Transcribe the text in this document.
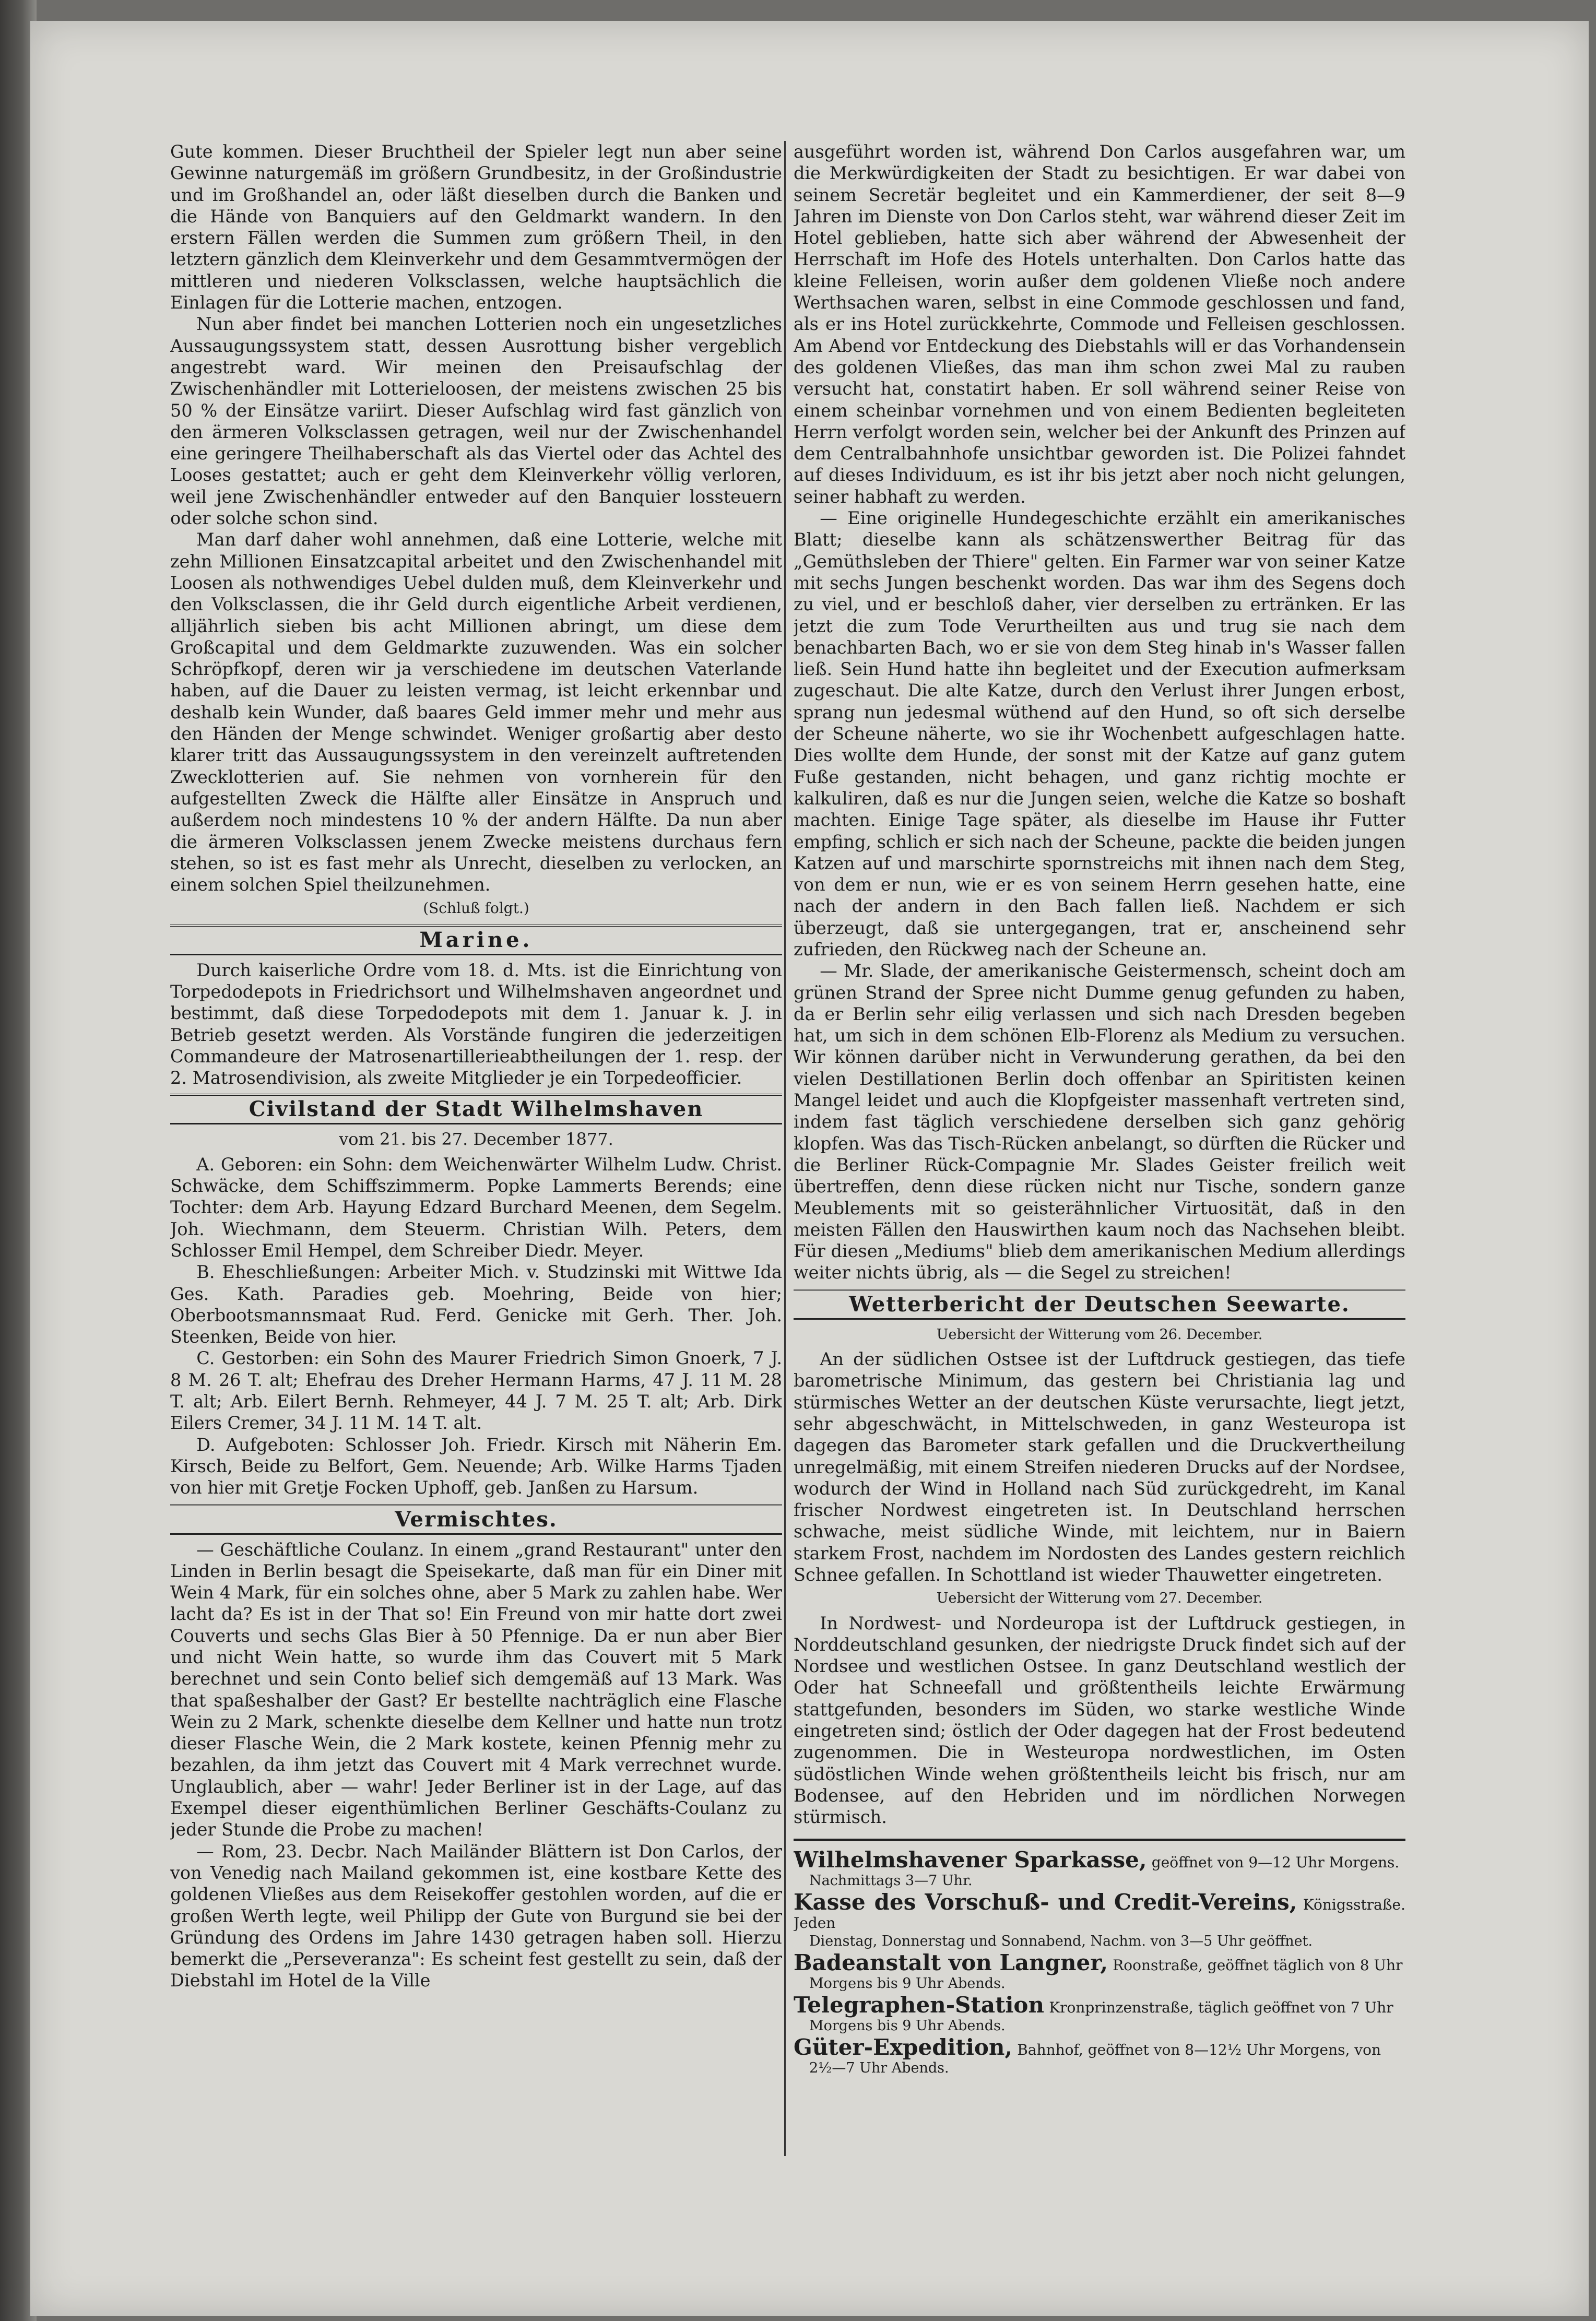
Gute kommen. Dieser Bruchtheil der Spieler legt nun aber seine Gewinne naturgemäß im größern Grundbesitz, in der Großindustrie und im Großhandel an, oder läßt dieselben durch die Banken und die Hände von Banquiers auf den Geldmarkt wandern. In den erstern Fällen werden die Summen zum größern Theil, in den letztern gänzlich dem Kleinverkehr und dem Gesammtvermögen der mittleren und niederen Volksclassen, welche hauptsächlich die Einlagen für die Lotterie machen, entzogen.

Nun aber findet bei manchen Lotterien noch ein ungesetzliches Aussaugungssystem statt, dessen Ausrottung bisher vergeblich angestrebt ward. Wir meinen den Preisaufschlag der Zwischenhändler mit Lotterieloosen, der meistens zwischen 25 bis 50 % der Einsätze variirt. Dieser Aufschlag wird fast gänzlich von den ärmeren Volksclassen getragen, weil nur der Zwischenhandel eine geringere Theilhaberschaft als das Viertel oder das Achtel des Looses gestattet; auch er geht dem Kleinverkehr völlig verloren, weil jene Zwischenhändler entweder auf den Banquier lossteuern oder solche schon sind.

Man darf daher wohl annehmen, daß eine Lotterie, welche mit zehn Millionen Einsatzcapital arbeitet und den Zwischenhandel mit Loosen als nothwendiges Uebel dulden muß, dem Kleinverkehr und den Volksclassen, die ihr Geld durch eigentliche Arbeit verdienen, alljährlich sieben bis acht Millionen abringt, um diese dem Großcapital und dem Geldmarkte zuzuwenden. Was ein solcher Schröpfkopf, deren wir ja verschiedene im deutschen Vaterlande haben, auf die Dauer zu leisten vermag, ist leicht erkennbar und deshalb kein Wunder, daß baares Geld immer mehr und mehr aus den Händen der Menge schwindet. Weniger großartig aber desto klarer tritt das Aussaugungssystem in den vereinzelt auftretenden Zwecklotterien auf. Sie nehmen von vornherein für den aufgestellten Zweck die Hälfte aller Einsätze in Anspruch und außerdem noch mindestens 10 % der andern Hälfte. Da nun aber die ärmeren Volksclassen jenem Zwecke meistens durchaus fern stehen, so ist es fast mehr als Unrecht, dieselben zu verlocken, an einem solchen Spiel theilzunehmen.

(Schluß folgt.)
Marine.

Durch kaiserliche Ordre vom 18. d. Mts. ist die Einrichtung von Torpedodepots in Friedrichsort und Wilhelmshaven angeordnet und bestimmt, daß diese Torpedodepots mit dem 1. Januar k. J. in Betrieb gesetzt werden. Als Vorstände fungiren die jederzeitigen Commandeure der Matrosenartillerieabtheilungen der 1. resp. der 2. Matrosendivision, als zweite Mitglieder je ein Torpedeofficier.

Civilstand der Stadt Wilhelmshaven
vom 21. bis 27. December 1877.

A. Geboren: ein Sohn: dem Weichenwärter Wilhelm Ludw. Christ. Schwäcke, dem Schiffszimmerm. Popke Lammerts Berends; eine Tochter: dem Arb. Hayung Edzard Burchard Meenen, dem Segelm. Joh. Wiechmann, dem Steuerm. Christian Wilh. Peters, dem Schlosser Emil Hempel, dem Schreiber Diedr. Meyer.

B. Eheschließungen: Arbeiter Mich. v. Studzinski mit Wittwe Ida Ges. Kath. Paradies geb. Moehring, Beide von hier; Oberbootsmannsmaat Rud. Ferd. Genicke mit Gerh. Ther. Joh. Steenken, Beide von hier.

C. Gestorben: ein Sohn des Maurer Friedrich Simon Gnoerk, 7 J. 8 M. 26 T. alt; Ehefrau des Dreher Hermann Harms, 47 J. 11 M. 28 T. alt; Arb. Eilert Bernh. Rehmeyer, 44 J. 7 M. 25 T. alt; Arb. Dirk Eilers Cremer, 34 J. 11 M. 14 T. alt.

D. Aufgeboten: Schlosser Joh. Friedr. Kirsch mit Näherin Em. Kirsch, Beide zu Belfort, Gem. Neuende; Arb. Wilke Harms Tjaden von hier mit Gretje Focken Uphoff, geb. Janßen zu Harsum.

Vermischtes.

— Geschäftliche Coulanz. In einem „grand Restaurant" unter den Linden in Berlin besagt die Speisekarte, daß man für ein Diner mit Wein 4 Mark, für ein solches ohne, aber 5 Mark zu zahlen habe. Wer lacht da? Es ist in der That so! Ein Freund von mir hatte dort zwei Couverts und sechs Glas Bier à 50 Pfennige. Da er nun aber Bier und nicht Wein hatte, so wurde ihm das Couvert mit 5 Mark berechnet und sein Conto belief sich demgemäß auf 13 Mark. Was that spaßeshalber der Gast? Er bestellte nachträglich eine Flasche Wein zu 2 Mark, schenkte dieselbe dem Kellner und hatte nun trotz dieser Flasche Wein, die 2 Mark kostete, keinen Pfennig mehr zu bezahlen, da ihm jetzt das Couvert mit 4 Mark verrechnet wurde. Unglaublich, aber — wahr! Jeder Berliner ist in der Lage, auf das Exempel dieser eigenthümlichen Berliner Geschäfts-Coulanz zu jeder Stunde die Probe zu machen!

— Rom, 23. Decbr. Nach Mailänder Blättern ist Don Carlos, der von Venedig nach Mailand gekommen ist, eine kostbare Kette des goldenen Vließes aus dem Reisekoffer gestohlen worden, auf die er großen Werth legte, weil Philipp der Gute von Burgund sie bei der Gründung des Ordens im Jahre 1430 getragen haben soll. Hierzu bemerkt die „Perseveranza": Es scheint fest gestellt zu sein, daß der Diebstahl im Hotel de la Ville

ausgeführt worden ist, während Don Carlos ausgefahren war, um die Merkwürdigkeiten der Stadt zu besichtigen. Er war dabei von seinem Secretär begleitet und ein Kammerdiener, der seit 8—9 Jahren im Dienste von Don Carlos steht, war während dieser Zeit im Hotel geblieben, hatte sich aber während der Abwesenheit der Herrschaft im Hofe des Hotels unterhalten. Don Carlos hatte das kleine Felleisen, worin außer dem goldenen Vließe noch andere Werthsachen waren, selbst in eine Commode geschlossen und fand, als er ins Hotel zurückkehrte, Commode und Felleisen geschlossen. Am Abend vor Entdeckung des Diebstahls will er das Vorhandensein des goldenen Vließes, das man ihm schon zwei Mal zu rauben versucht hat, constatirt haben. Er soll während seiner Reise von einem scheinbar vornehmen und von einem Bedienten begleiteten Herrn verfolgt worden sein, welcher bei der Ankunft des Prinzen auf dem Centralbahnhofe unsichtbar geworden ist. Die Polizei fahndet auf dieses Individuum, es ist ihr bis jetzt aber noch nicht gelungen, seiner habhaft zu werden.

— Eine originelle Hundegeschichte erzählt ein amerikanisches Blatt; dieselbe kann als schätzenswerther Beitrag für das „Gemüthsleben der Thiere" gelten. Ein Farmer war von seiner Katze mit sechs Jungen beschenkt worden. Das war ihm des Segens doch zu viel, und er beschloß daher, vier derselben zu ertränken. Er las jetzt die zum Tode Verurtheilten aus und trug sie nach dem benachbarten Bach, wo er sie von dem Steg hinab in's Wasser fallen ließ. Sein Hund hatte ihn begleitet und der Execution aufmerksam zugeschaut. Die alte Katze, durch den Verlust ihrer Jungen erbost, sprang nun jedesmal wüthend auf den Hund, so oft sich derselbe der Scheune näherte, wo sie ihr Wochenbett aufgeschlagen hatte. Dies wollte dem Hunde, der sonst mit der Katze auf ganz gutem Fuße gestanden, nicht behagen, und ganz richtig mochte er kalkuliren, daß es nur die Jungen seien, welche die Katze so boshaft machten. Einige Tage später, als dieselbe im Hause ihr Futter empfing, schlich er sich nach der Scheune, packte die beiden jungen Katzen auf und marschirte spornstreichs mit ihnen nach dem Steg, von dem er nun, wie er es von seinem Herrn gesehen hatte, eine nach der andern in den Bach fallen ließ. Nachdem er sich überzeugt, daß sie untergegangen, trat er, anscheinend sehr zufrieden, den Rückweg nach der Scheune an.

— Mr. Slade, der amerikanische Geistermensch, scheint doch am grünen Strand der Spree nicht Dumme genug gefunden zu haben, da er Berlin sehr eilig verlassen und sich nach Dresden begeben hat, um sich in dem schönen Elb-Florenz als Medium zu versuchen. Wir können darüber nicht in Verwunderung gerathen, da bei den vielen Destillationen Berlin doch offenbar an Spiritisten keinen Mangel leidet und auch die Klopfgeister massenhaft vertreten sind, indem fast täglich verschiedene derselben sich ganz gehörig klopfen. Was das Tisch-Rücken anbelangt, so dürften die Rücker und die Berliner Rück-Compagnie Mr. Slades Geister freilich weit übertreffen, denn diese rücken nicht nur Tische, sondern ganze Meublements mit so geisterähnlicher Virtuosität, daß in den meisten Fällen den Hauswirthen kaum noch das Nachsehen bleibt. Für diesen „Mediums" blieb dem amerikanischen Medium allerdings weiter nichts übrig, als — die Segel zu streichen!

Wetterbericht der Deutschen Seewarte.
Uebersicht der Witterung vom 26. December.

An der südlichen Ostsee ist der Luftdruck gestiegen, das tiefe barometrische Minimum, das gestern bei Christiania lag und stürmisches Wetter an der deutschen Küste verursachte, liegt jetzt, sehr abgeschwächt, in Mittelschweden, in ganz Westeuropa ist dagegen das Barometer stark gefallen und die Druckvertheilung unregelmäßig, mit einem Streifen niederen Drucks auf der Nordsee, wodurch der Wind in Holland nach Süd zurückgedreht, im Kanal frischer Nordwest eingetreten ist. In Deutschland herrschen schwache, meist südliche Winde, mit leichtem, nur in Baiern starkem Frost, nachdem im Nordosten des Landes gestern reichlich Schnee gefallen. In Schottland ist wieder Thauwetter eingetreten.

Uebersicht der Witterung vom 27. December.

In Nordwest- und Nordeuropa ist der Luftdruck gestiegen, in Norddeutschland gesunken, der niedrigste Druck findet sich auf der Nordsee und westlichen Ostsee. In ganz Deutschland westlich der Oder hat Schneefall und größtentheils leichte Erwärmung stattgefunden, besonders im Süden, wo starke westliche Winde eingetreten sind; östlich der Oder dagegen hat der Frost bedeutend zugenommen. Die in Westeuropa nordwestlichen, im Osten südöstlichen Winde wehen größtentheils leicht bis frisch, nur am Bodensee, auf den Hebriden und im nördlichen Norwegen stürmisch.

Wilhelmshavener Sparkasse, geöffnet von 9—12 Uhr Morgens.
Nachmittags 3—7 Uhr.
Kasse des Vorschuß- und Credit-Vereins, Königsstraße. Jeden
Dienstag, Donnerstag und Sonnabend, Nachm. von 3—5 Uhr geöffnet.
Badeanstalt von Langner, Roonstraße, geöffnet täglich von 8 Uhr
Morgens bis 9 Uhr Abends.
Telegraphen-Station Kronprinzenstraße, täglich geöffnet von 7 Uhr
Morgens bis 9 Uhr Abends.
Güter-Expedition, Bahnhof, geöffnet von 8—12½ Uhr Morgens, von
2½—7 Uhr Abends.
